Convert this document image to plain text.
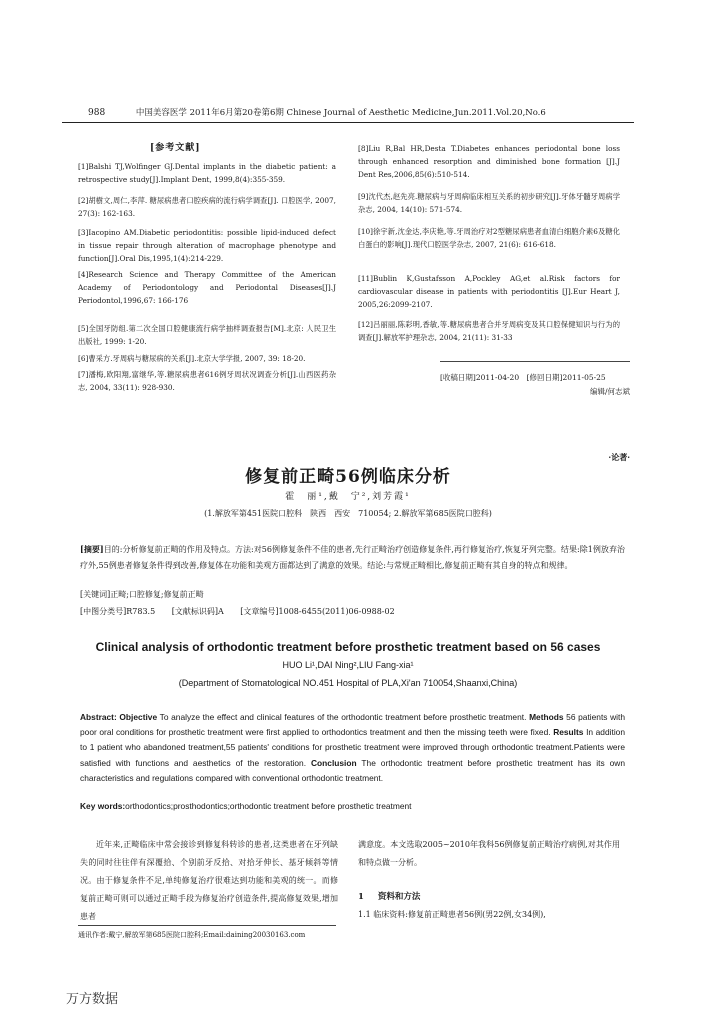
988	中国美容医学 2011年6月第20卷第6期 Chinese Journal of Aesthetic Medicine,Jun.2011.Vol.20,No.6
[参考文献]
[1]Balshi TJ,Wolfinger GJ.Dental implants in the diabetic patient: a retrospective study[J].Implant Dent, 1999,8(4):355-359.
[2]胡樹文,周仁,李萍. 糖尿病患者口腔疾病的流行病学调查[J]. 口腔医学, 2007, 27(3): 162-163.
[3]Iacopino AM.Diabetic periodontitis: possible lipid-induced defect in tissue repair through alteration of macrophage phenotype and function[J].Oral Dis,1995,1(4):214-229.
[4]Research Science and Therapy Committee of the American Academy of Periodontology and Periodontal Diseases[J].J Periodontol,1996,67: 166-176
[5]全国牙防组.第二次全国口腔健康流行病学抽样调查报告[M].北京: 人民卫生出版社, 1999: 1-20.
[6]曹采方.牙周病与糖尿病的关系[J].北京大学学报, 2007, 39: 18-20.
[7]潘梅,欧阳翔,富继华,等.糖尿病患者616例牙周状况调查分析[J].山西医药杂志, 2004, 33(11): 928-930.
[8]Liu R,Bal HR,Desta T.Diabetes enhances periodontal bone loss through enhanced resorption and diminished bone formation [J].J Dent Res,2006,85(6):510-514.
[9]沈代杰,赵先亮.糖尿病与牙周病临床相互关系的初步研究[J].牙体牙髓牙周病学杂志, 2004, 14(10): 571-574.
[10]徐宇新,沈金达,李庆艳,等.牙周治疗对2型糖尿病患者血清白细胞介素6及糖化白蛋白的影响[J].现代口腔医学杂志, 2007, 21(6): 616-618.
[11]Bublin K,Gustafsson A,Pockley AG,et al.Risk factors for cardiovascular disease in patients with periodontitis [J].Eur Heart J, 2005,26:2099-2107.
[12]吕丽丽,陈彩明,香敏,等.糖尿病患者合并牙周病变及其口腔保健知识与行为的调查[J].解放军护理杂志, 2004, 21(11): 31-33
[收稿日期]2011-04-20　[修回日期]2011-05-25
编辑/何志斌
·论著·
修复前正畸56例临床分析
霍　丽¹,戴　宁²,刘芳霞¹
(1.解放军第451医院口腔科　陕西　西安　710054; 2.解放军第685医院口腔科)
[摘要]目的:分析修复前正畸的作用及特点。方法:对56例修复条件不佳的患者,先行正畸治疗创造修复条件,再行修复治疗,恢复牙列完整。结果:除1例放弃治疗外,55例患者修复条件得到改善,修复体在功能和美观方面都达到了满意的效果。结论:与常规正畸相比,修复前正畸有其自身的特点和规律。
[关键词]正畸;口腔修复;修复前正畸
[中图分类号]R783.5 [文献标识码]A [文章编号]1008-6455(2011)06-0988-02
Clinical analysis of orthodontic treatment before prosthetic treatment based on 56 cases
HUO Li¹,DAI Ning²,LIU Fang-xia¹
(Department of Stomatological NO.451 Hospital of PLA,Xi'an 710054,Shaanxi,China)
Abstract: Objective To analyze the effect and clinical features of the orthodontic treatment before prosthetic treatment. Methods 56 patients with poor oral conditions for prosthetic treatment were first applied to orthodontics treatment and then the missing teeth were fixed. Results In addition to 1 patient who abandoned treatment,55 patients' conditions for prosthetic treatment were improved through orthodontic treatment.Patients were satisfied with functions and aesthetics of the restoration. Conclusion The orthodontic treatment before prosthetic treatment has its own characteristics and regulations compared with conventional orthodontic treatment.
Key words:orthodontics;prosthodontics;orthodontic treatment before prosthetic treatment
近年来,正畸临床中常会接诊到修复科转诊的患者,这类患者在牙列缺失的同时往往伴有深覆拾、个别前牙反拾、对拾牙伸长、基牙倾斜等情况。由于修复条件不足,单纯修复治疗很难达到功能和美观的统一。而修复前正畸可则可以通过正畸手段为修复治疗创造条件,提高修复效果,增加患者
满意度。本文选取2005~2010年我科56例修复前正畸治疗病例,对其作用和特点做一分析。
1 资料和方法
1.1 临床资料:修复前正畸患者56例(男22例,女34例),
通讯作者:戴宁,解放军第685医院口腔科;Email:daining20030163.com
万方数据
